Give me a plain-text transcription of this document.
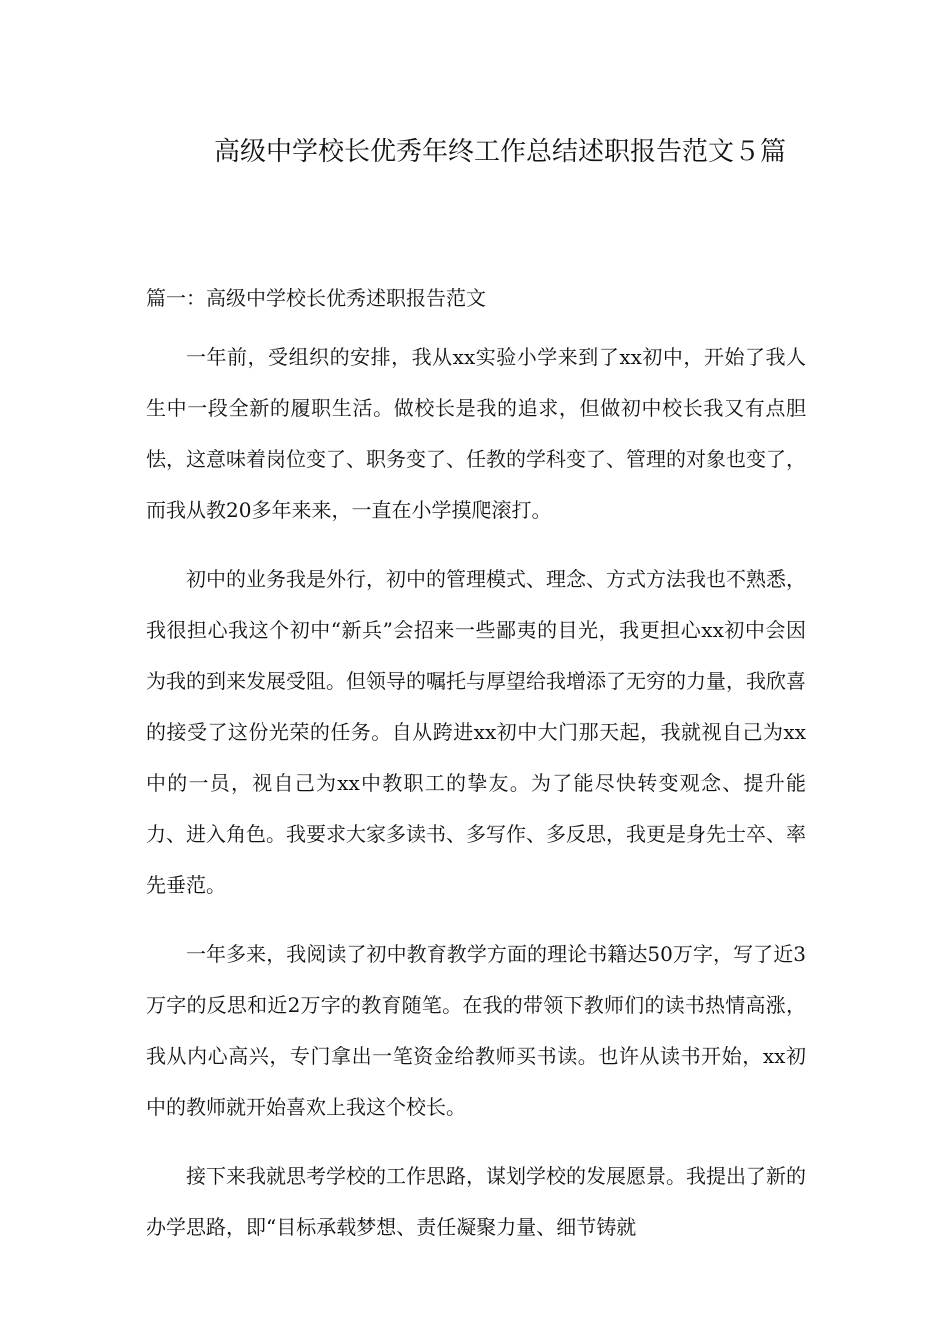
高级中学校长优秀年终工作总结述职报告范文５篇
篇一：高级中学校长优秀述职报告范文

一年前，受组织的安排，我从xx实验小学来到了xx初中，开始了我人生中一段全新的履职生活。做校长是我的追求，但做初中校长我又有点胆怯，这意味着岗位变了、职务变了、任教的学科变了、管理的对象也变了，而我从教20多年来来，一直在小学摸爬滚打。

初中的业务我是外行，初中的管理模式、理念、方式方法我也不熟悉，我很担心我这个初中“新兵”会招来一些鄙夷的目光，我更担心xx初中会因为我的到来发展受阻。但领导的嘱托与厚望给我增添了无穷的力量，我欣喜的接受了这份光荣的任务。自从跨进xx初中大门那天起，我就视自己为xx中的一员，视自己为xx中教职工的挚友。为了能尽快转变观念、提升能力、进入角色。我要求大家多读书、多写作、多反思，我更是身先士卒、率先垂范。

一年多来，我阅读了初中教育教学方面的理论书籍达50万字，写了近3万字的反思和近2万字的教育随笔。在我的带领下教师们的读书热情高涨，我从内心高兴，专门拿出一笔资金给教师买书读。也许从读书开始，xx初中的教师就开始喜欢上我这个校长。

接下来我就思考学校的工作思路，谋划学校的发展愿景。我提出了新的办学思路，即“目标承载梦想、责任凝聚力量、细节铸就
